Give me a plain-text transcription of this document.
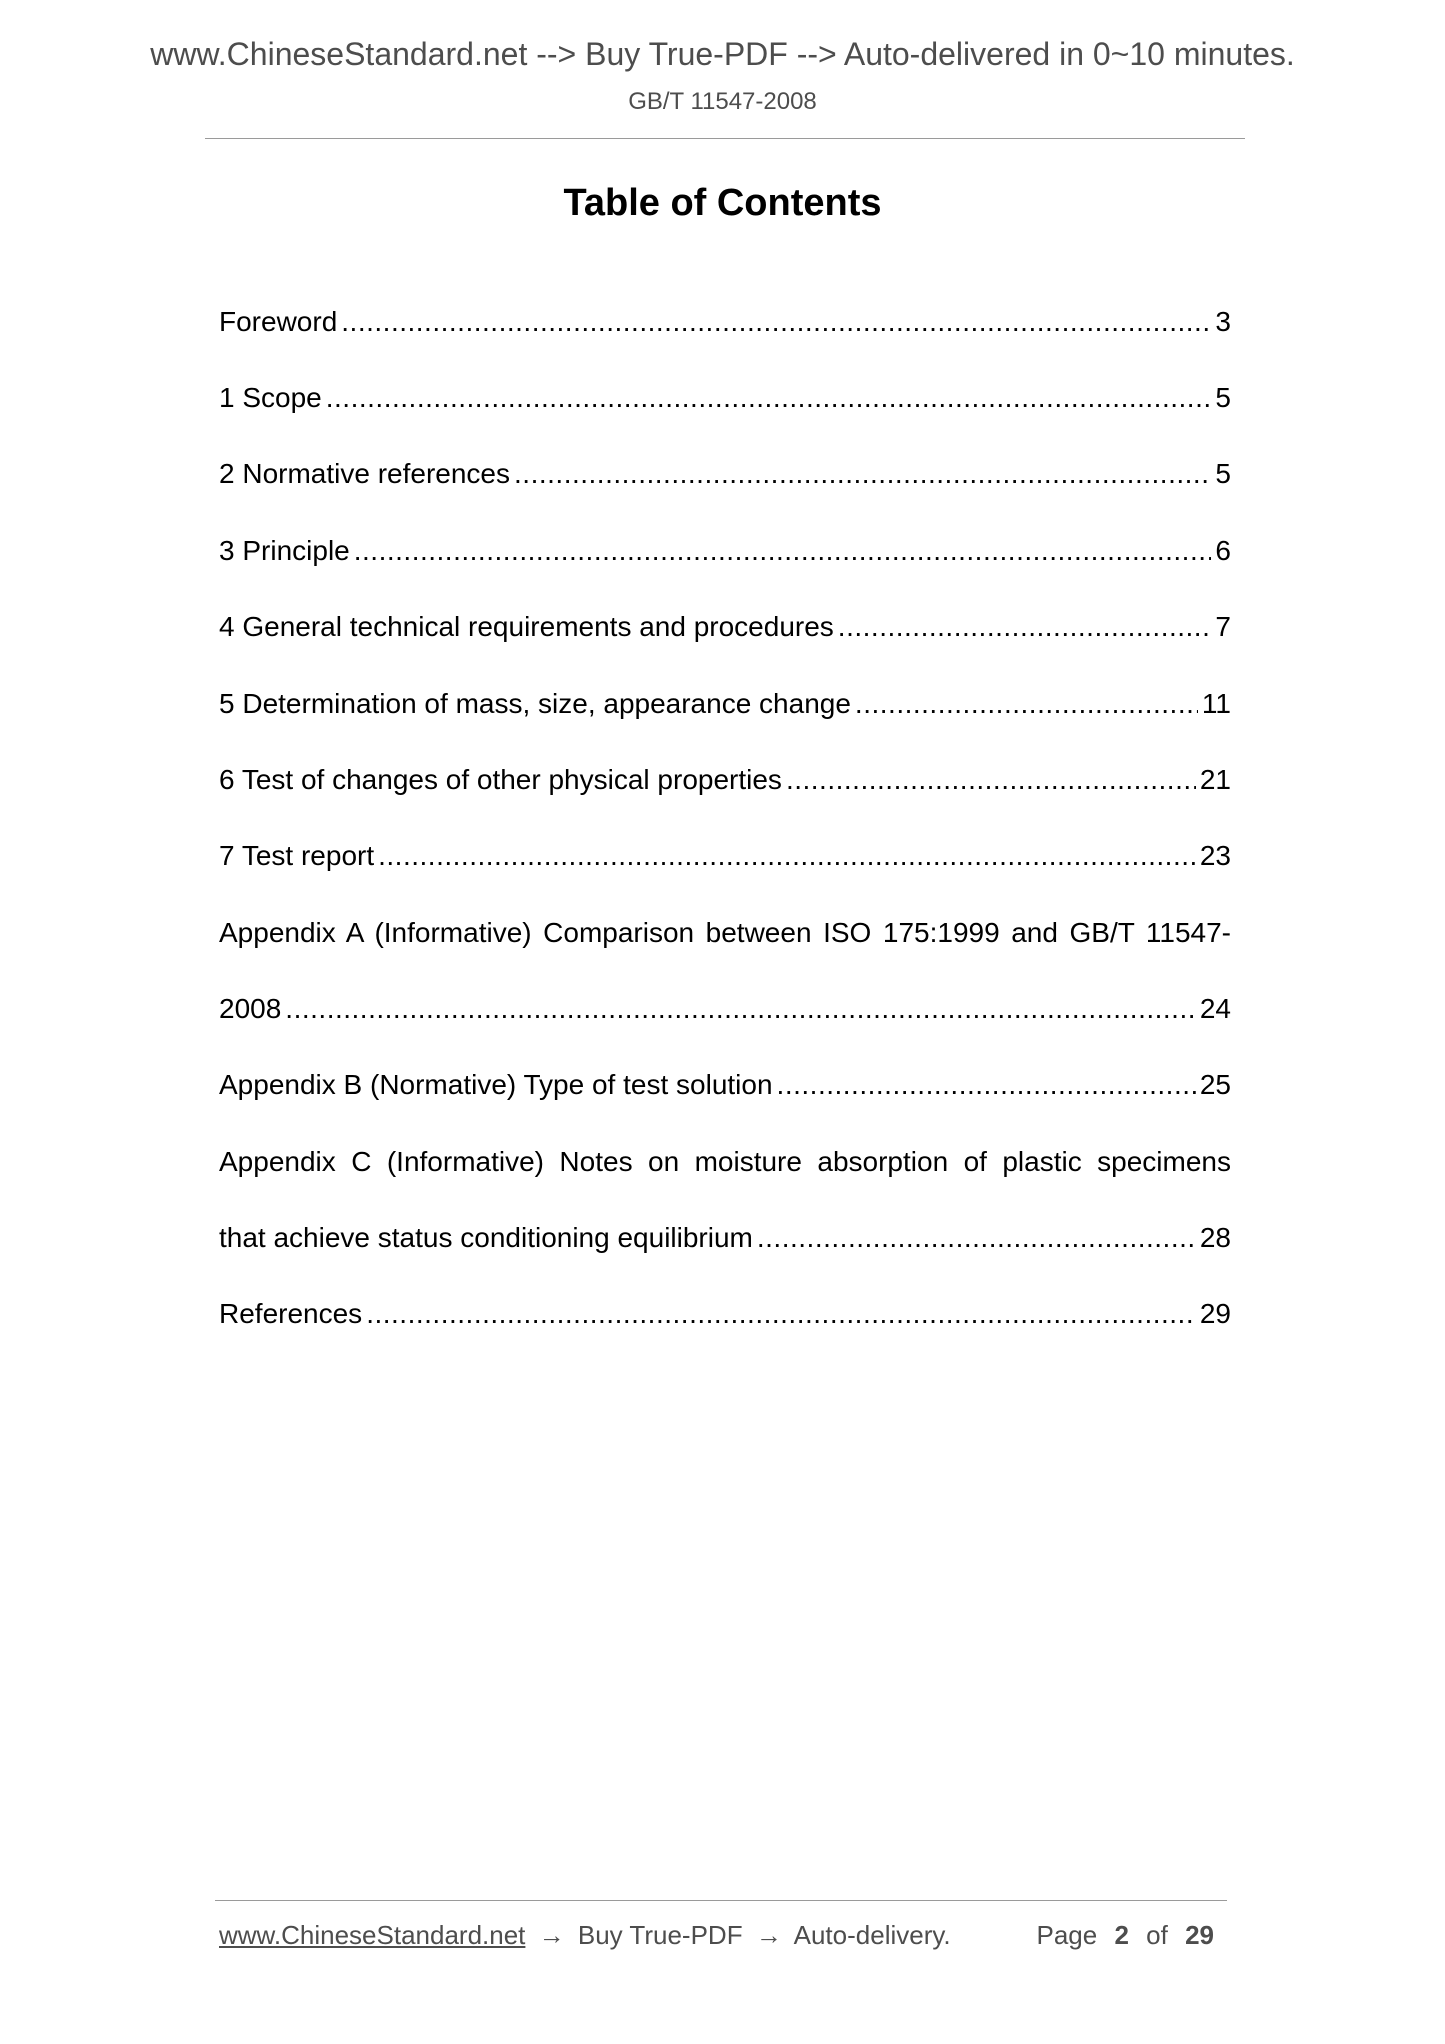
www.ChineseStandard.net --> Buy True-PDF --> Auto-delivered in 0~10 minutes.
GB/T 11547-2008
Table of Contents
Foreword .....	3
1 Scope .....	5
2 Normative references .....	5
3 Principle .....	6
4 General technical requirements and procedures .....	7
5 Determination of mass, size, appearance change .....	11
6 Test of changes of other physical properties .....	21
7 Test report .....	23
Appendix A (Informative) Comparison between ISO 175:1999 and GB/T 11547-
2008 .....	24
Appendix B (Normative) Type of test solution .....	25
Appendix C (Informative) Notes on moisture absorption of plastic specimens
that achieve status conditioning equilibrium .....	28
References .....	29
www.ChineseStandard.net → Buy True-PDF → Auto-delivery.	Page 2 of 29
